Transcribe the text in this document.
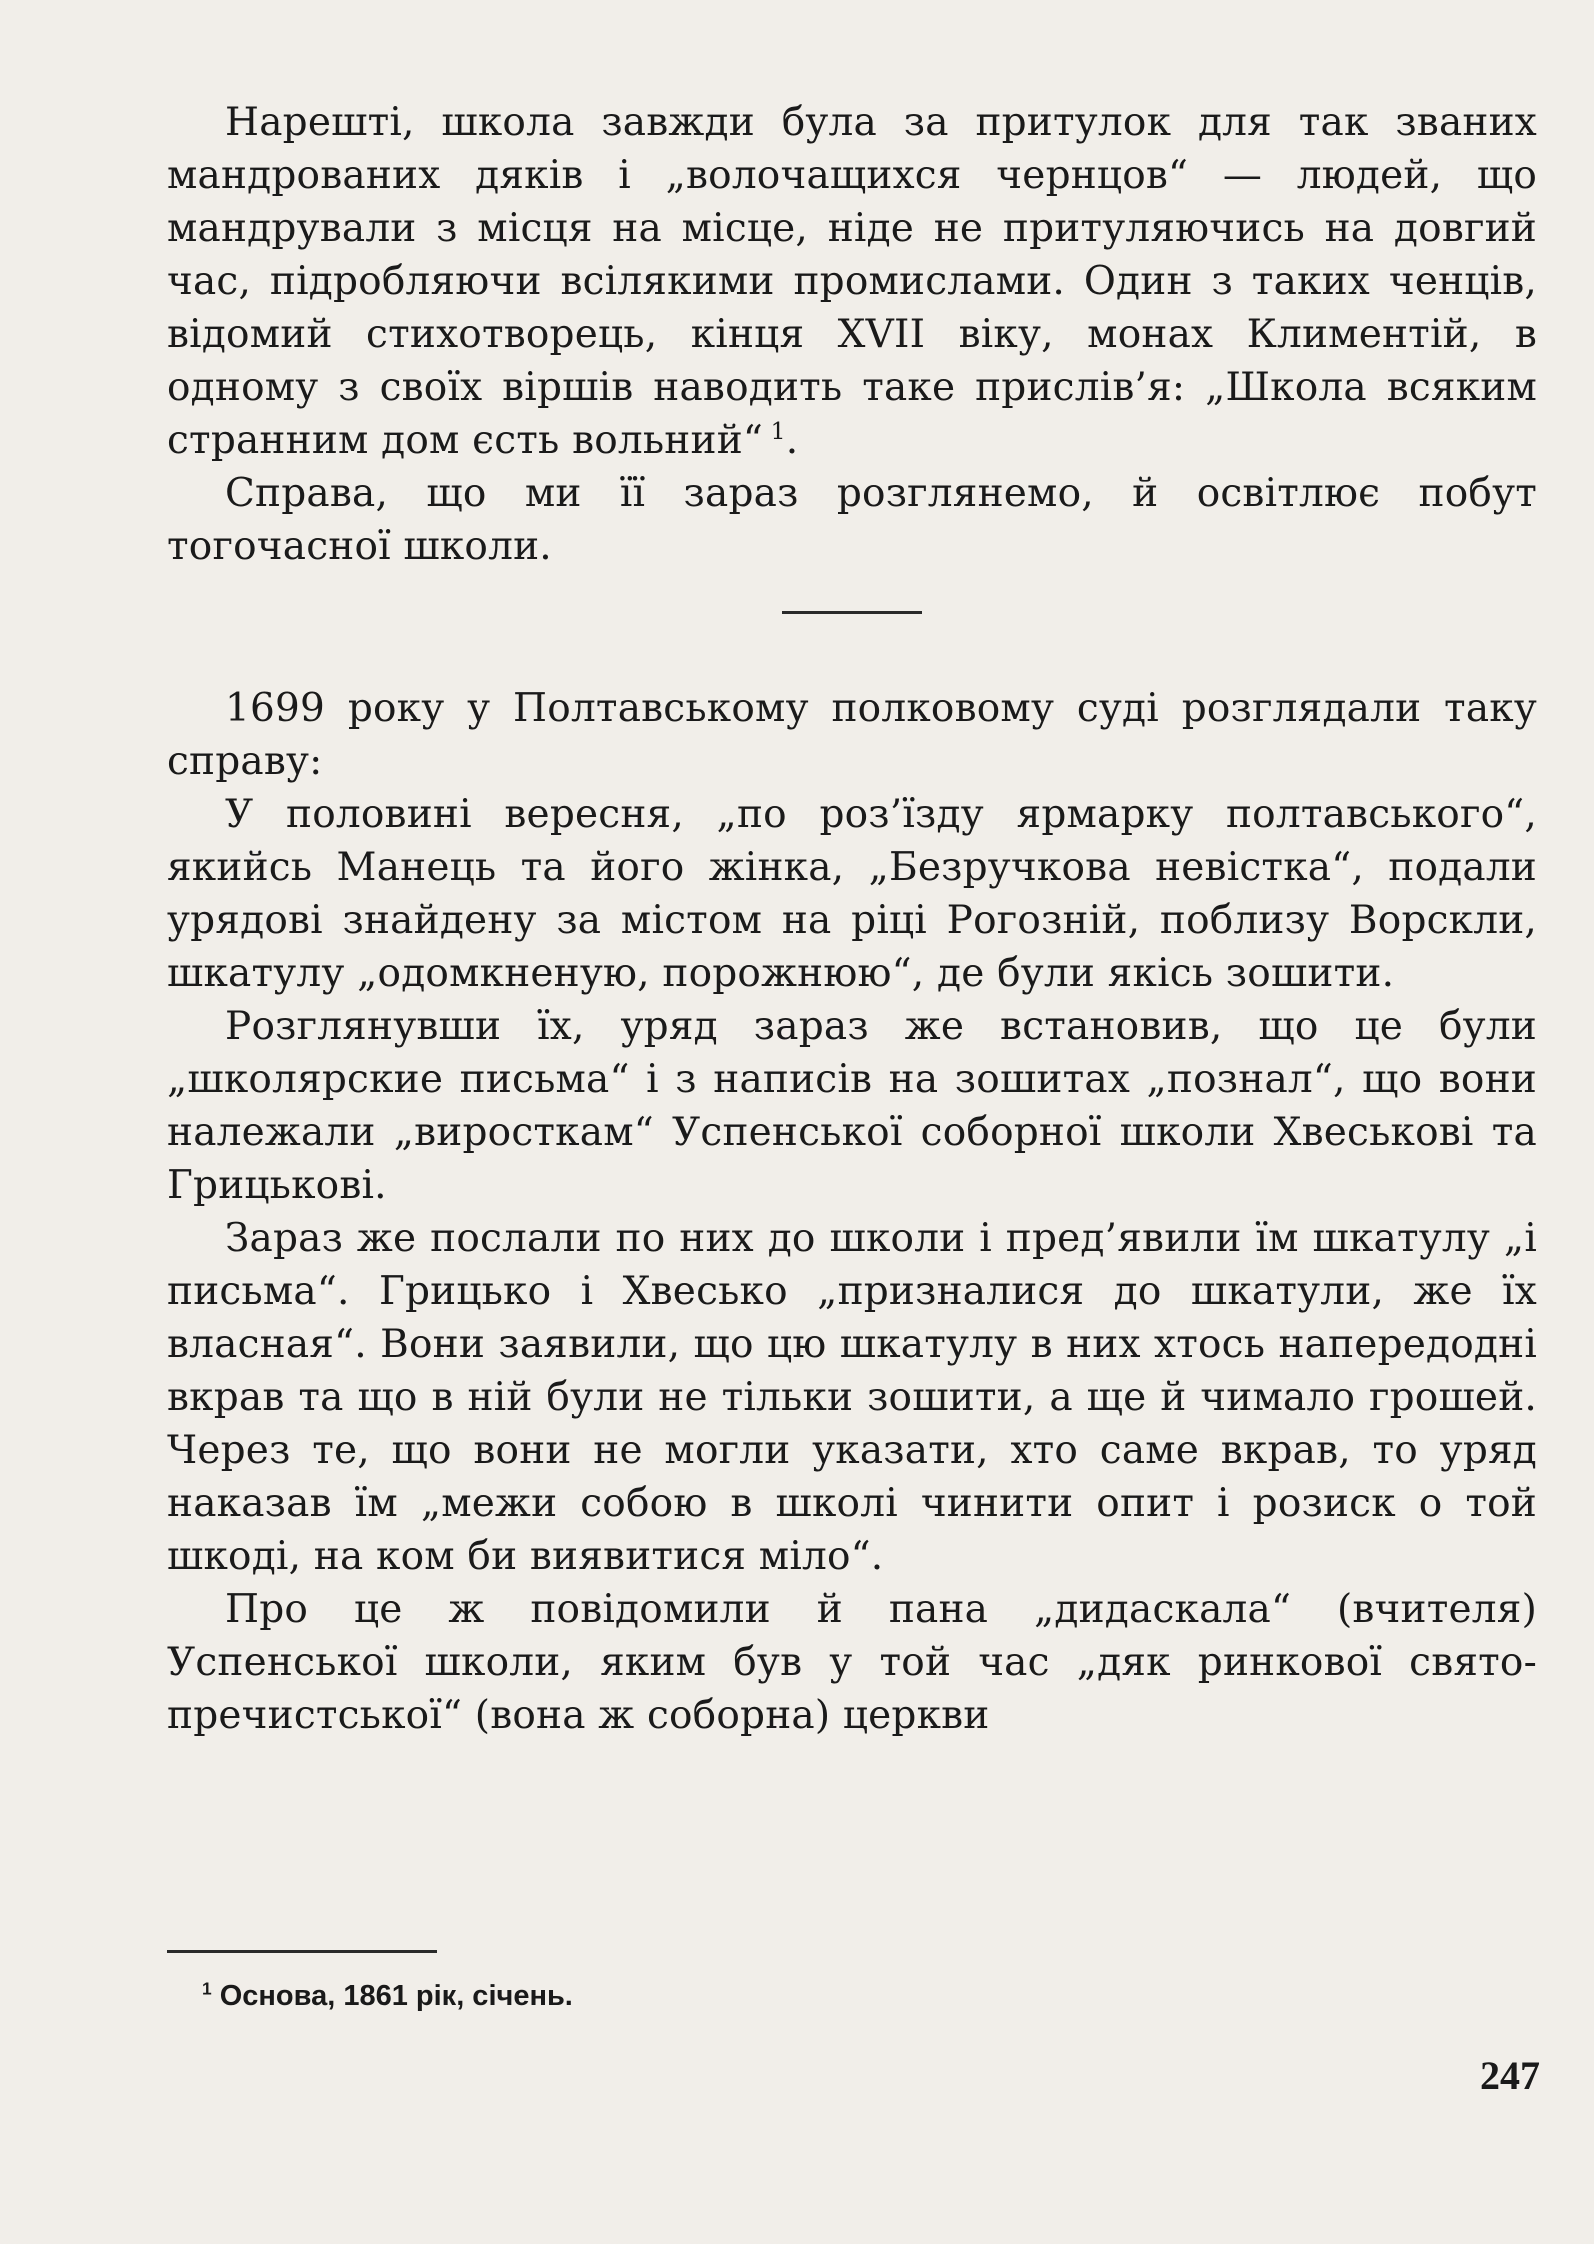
Нарешті, школа завжди була за притулок для так званих мандрованих дяків і „волочащихся чернцов“ — людей, що мандрували з місця на місце, ніде не притуляючись на довгий час, підробляючи всілякими промислами. Один з таких ченців, відомий стихотворець, кінця XVII віку, монах Климентій, в одному з своїх віршів наводить таке прислів’я: „Школа всяким странним дом єсть вольний“ $^1$.

Справа, що ми її зараз розглянемо, й освітлює побут тогочасної школи.

1699 року у Полтавському полковому суді розглядали таку справу:

У половині вересня, „по роз’їзду ярмарку полтавського“, якийсь Манець та його жінка, „Безручкова невістка“, подали урядові знайдену за містом на ріці Рогозній, поблизу Ворскли, шкатулу „одомкненую, порожнюю“, де були якісь зошити.

Розглянувши їх, уряд зараз же встановив, що це були „школярские письма“ і з написів на зошитах „познал“, що вони належали „виросткам“ Успенської соборної школи Хвеськові та Грицькові.

Зараз же послали по них до школи і пред’явили їм шкатулу „і письма“. Грицько і Хвесько „призналися до шкатули, же їх власная“. Вони заявили, що цю шкатулу в них хтось напередодні вкрав та що в ній були не тільки зошити, а ще й чимало грошей. Через те, що вони не могли указати, хто саме вкрав, то уряд наказав їм „межи собою в школі чинити опит і розиск о той шкоді, на ком би виявитися міло“.

Про це ж повідомили й пана „дидаскала“ (вчителя) Успенської школи, яким був у той час „дяк ринкової свято-пречистської“ (вона ж соборна) церкви

$^1$ Основа, 1861 рік, січень.
247
